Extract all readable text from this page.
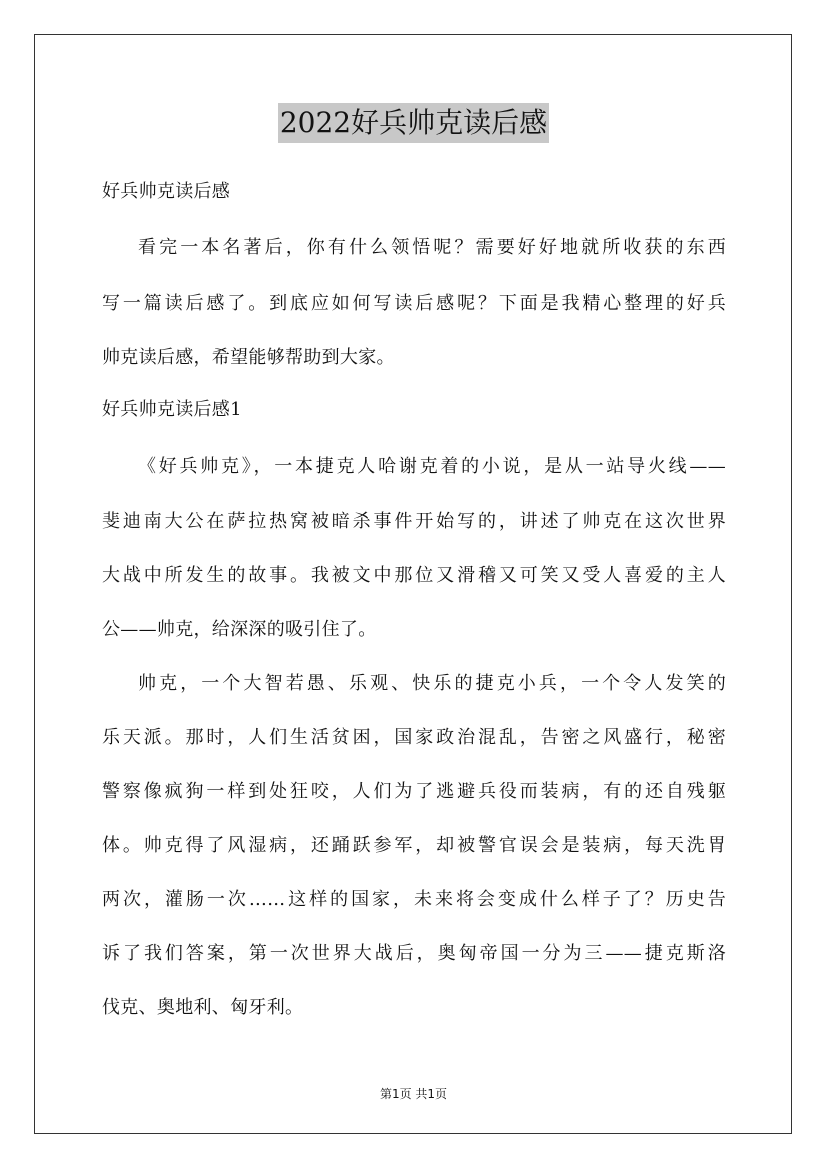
2022好兵帅克读后感
好兵帅克读后感
看完一本名著后，你有什么领悟呢？需要好好地就所收获的东西
写一篇读后感了。到底应如何写读后感呢？下面是我精心整理的好兵
帅克读后感，希望能够帮助到大家。
好兵帅克读后感1
《好兵帅克》，一本捷克人哈谢克着的小说，是从一站导火线——
斐迪南大公在萨拉热窝被暗杀事件开始写的，讲述了帅克在这次世界
大战中所发生的故事。我被文中那位又滑稽又可笑又受人喜爱的主人
公——帅克，给深深的吸引住了。
帅克，一个大智若愚、乐观、快乐的捷克小兵，一个令人发笑的
乐天派。那时，人们生活贫困，国家政治混乱，告密之风盛行，秘密
警察像疯狗一样到处狂咬，人们为了逃避兵役而装病，有的还自残躯
体。帅克得了风湿病，还踊跃参军，却被警官误会是装病，每天洗胃
两次，灌肠一次……这样的国家，未来将会变成什么样子了？历史告
诉了我们答案，第一次世界大战后，奥匈帝国一分为三——捷克斯洛
伐克、奥地利、匈牙利。
第1页 共1页
